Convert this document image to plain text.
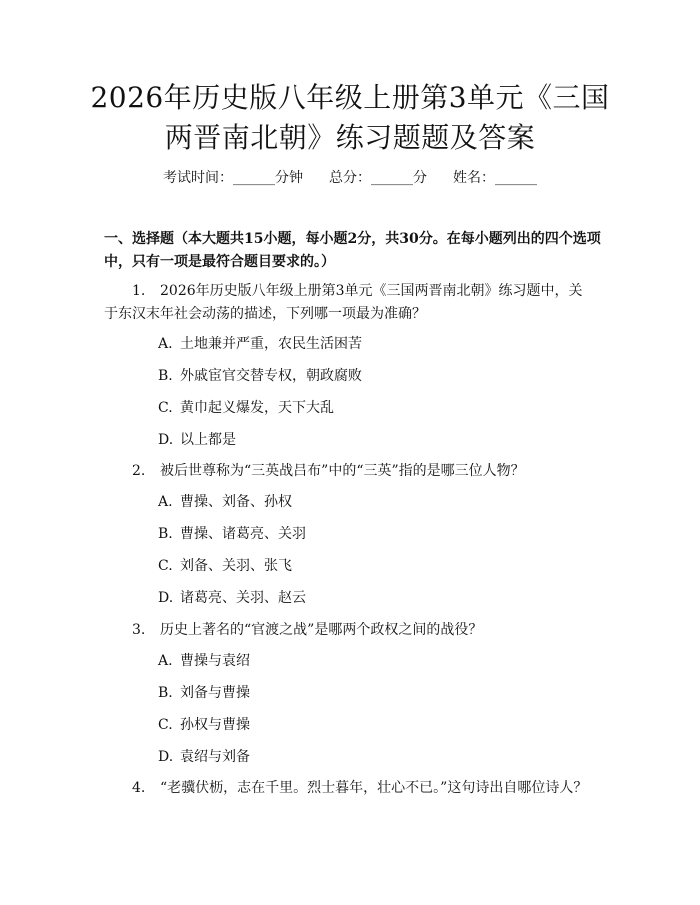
2026年历史版八年级上册第3单元《三国两晋南北朝》练习题题及答案
考试时间：______分钟 总分：______分 姓名：______
一、选择题（本大题共15小题，每小题2分，共30分。在每小题列出的四个选项中，只有一项是最符合题目要求的。）
1. 2026年历史版八年级上册第3单元《三国两晋南北朝》练习题中，关于东汉末年社会动荡的描述，下列哪一项最为准确？
A. 土地兼并严重，农民生活困苦
B. 外戚宦官交替专权，朝政腐败
C. 黄巾起义爆发，天下大乱
D. 以上都是
2. 被后世尊称为“三英战吕布”中的“三英”指的是哪三位人物？
A. 曹操、刘备、孙权
B. 曹操、诸葛亮、关羽
C. 刘备、关羽、张飞
D. 诸葛亮、关羽、赵云
3. 历史上著名的“官渡之战”是哪两个政权之间的战役？
A. 曹操与袁绍
B. 刘备与曹操
C. 孙权与曹操
D. 袁绍与刘备
4. “老骥伏枥，志在千里。烈士暮年，壮心不已。”这句诗出自哪位诗人？
